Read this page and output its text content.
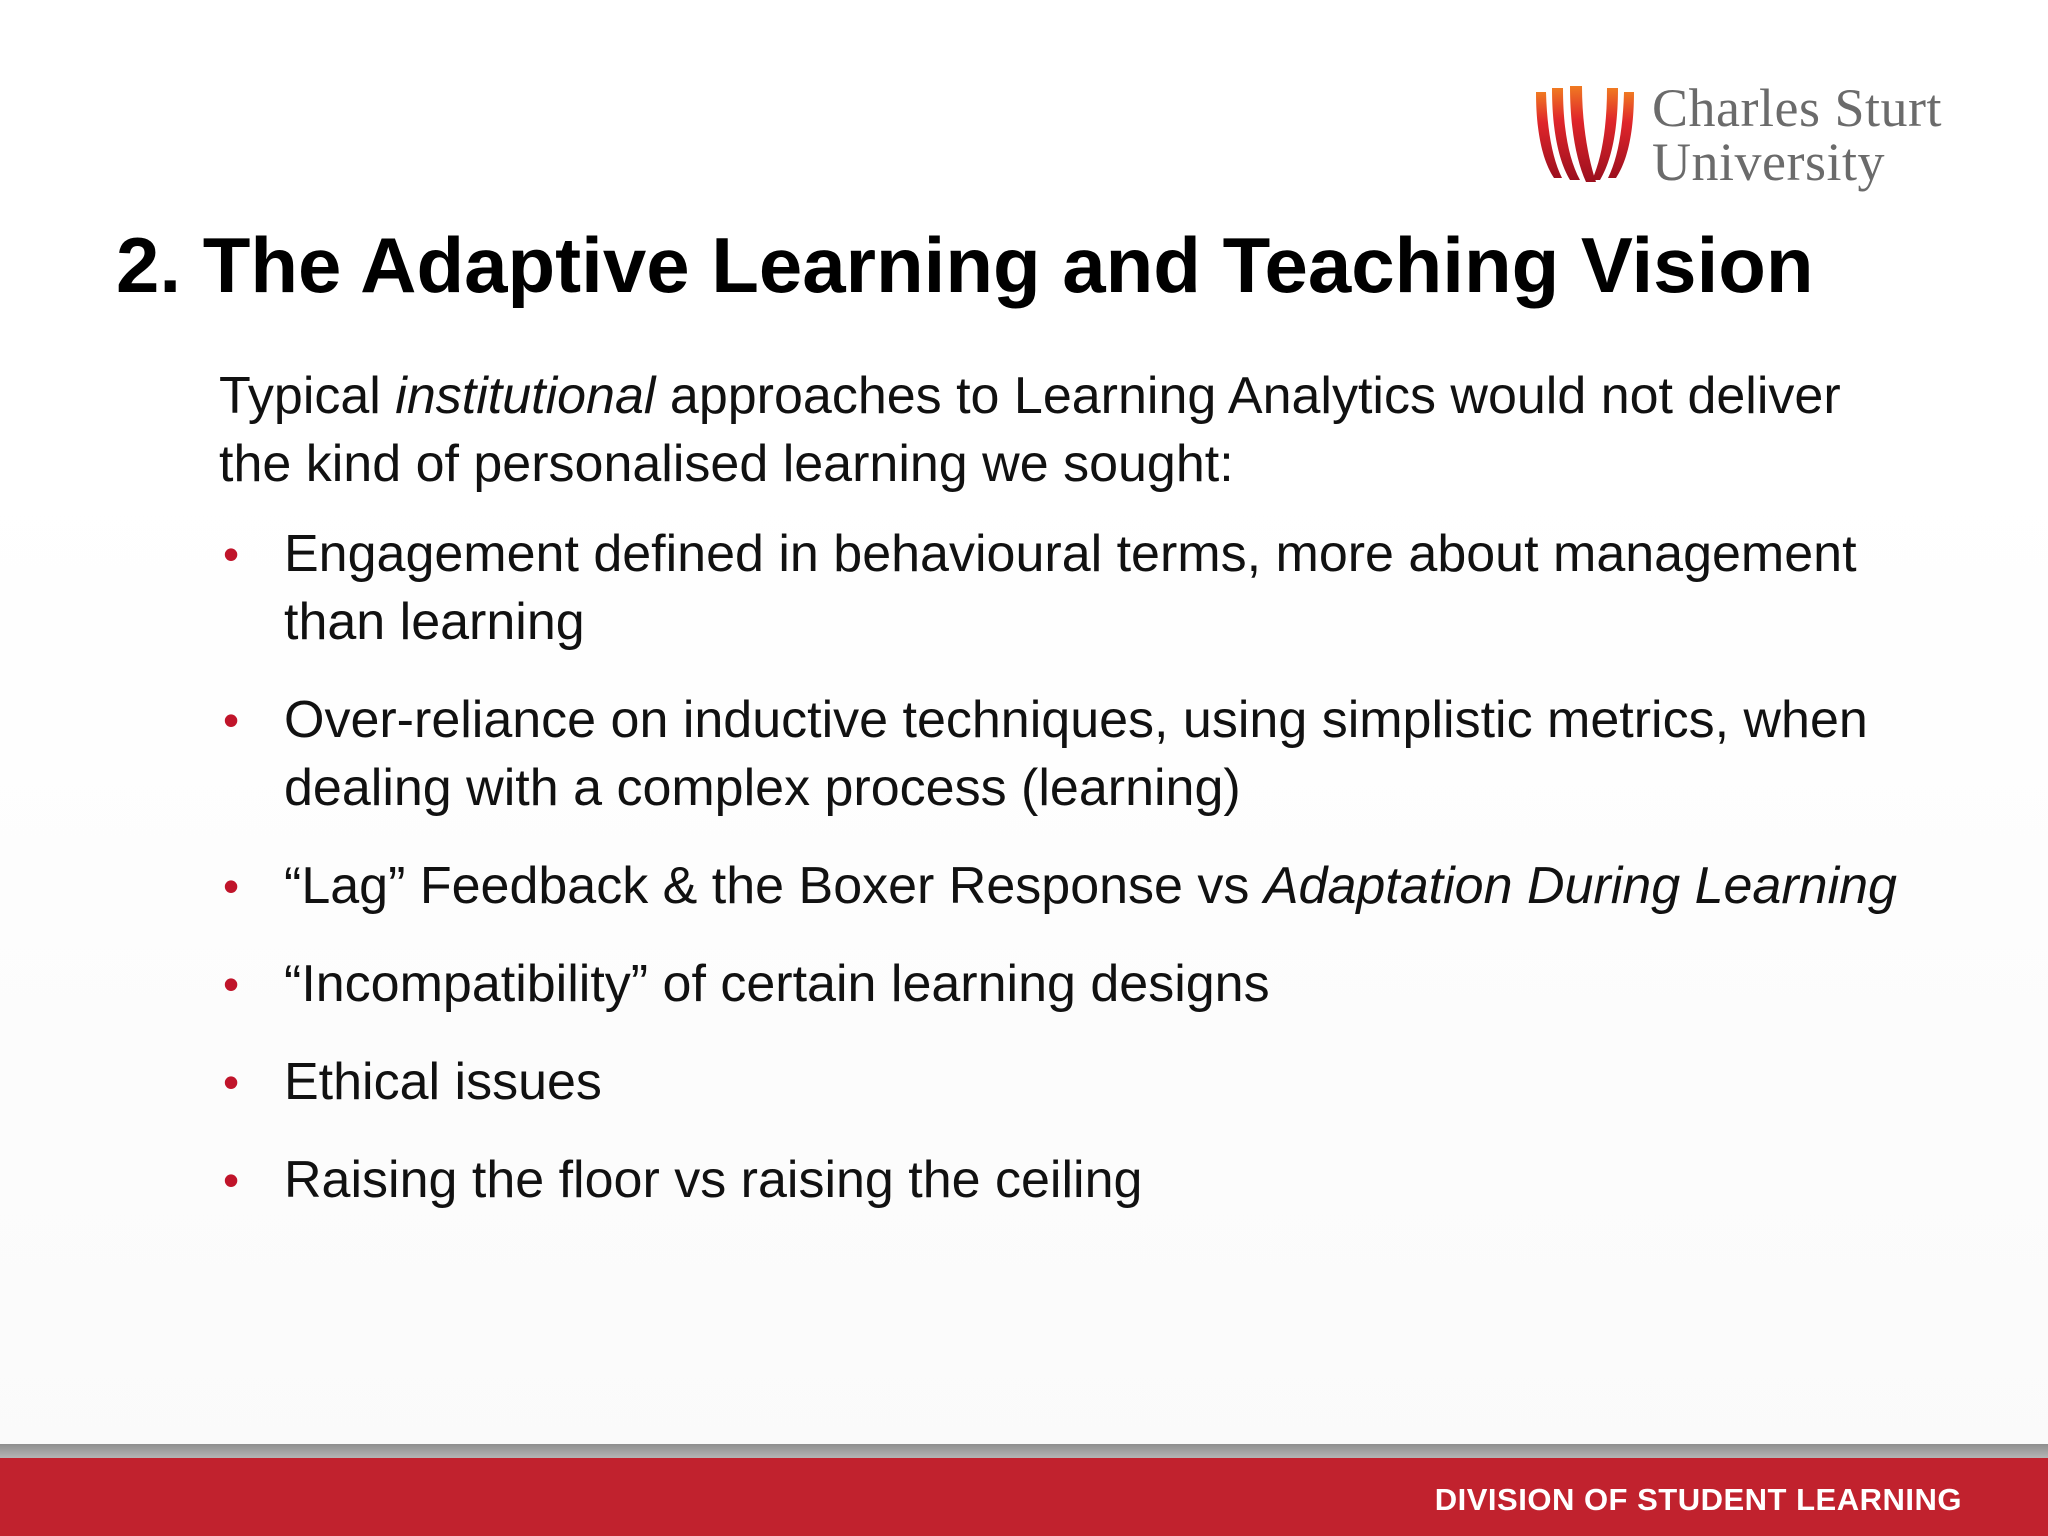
Charles Sturt
University
2. The Adaptive Learning and Teaching Vision

Typical institutional approaches to Learning Analytics would not deliver the kind of personalised learning we sought:

• Engagement defined in behavioural terms, more about management than learning
• Over-reliance on inductive techniques, using simplistic metrics, when dealing with a complex process (learning)
• “Lag” Feedback & the Boxer Response vs Adaptation During Learning
• “Incompatibility” of certain learning designs
• Ethical issues
• Raising the floor vs raising the ceiling
DIVISION OF STUDENT LEARNING
